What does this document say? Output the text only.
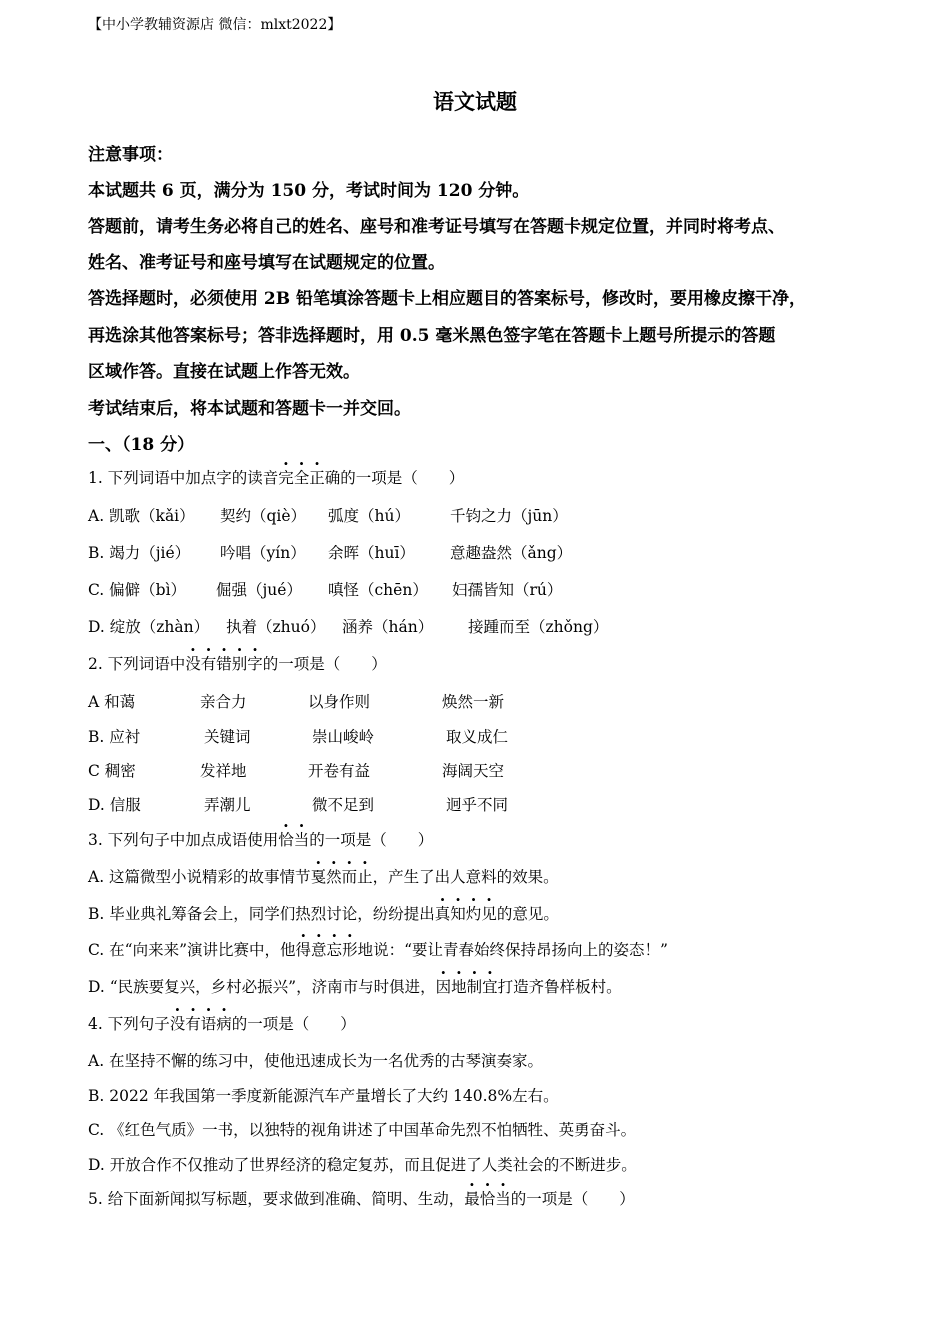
【中小学教辅资源店 微信：mlxt2022】
语文试题
注意事项：
本试题共 6 页，满分为 150 分，考试时间为 120 分钟。
答题前，请考生务必将自己的姓名、座号和准考证号填写在答题卡规定位置，并同时将考点、
姓名、准考证号和座号填写在试题规定的位置。
答选择题时，必须使用 2B 铅笔填涂答题卡上相应题目的答案标号，修改时，要用橡皮擦干净，
再选涂其他答案标号；答非选择题时，用 0.5 毫米黑色签字笔在答题卡上题号所提示的答题
区域作答。直接在试题上作答无效。
考试结束后，将本试题和答题卡一并交回。
一、（18 分）
1. 下列词语中加点字的读音完全正确的一项是（　　）
A. 凯歌（kǎi） 契约（qiè） 弧度（hú）	千钧之力（jūn）
B. 竭力（jié） 吟唱（yín） 余晖（huī） 意趣盎然（ǎng）
C. 偏僻（bì） 倔强（jué） 嗔怪（chēn） 妇孺皆知（rú）
D. 绽放（zhàn） 执着（zhuó） 涵养（hán） 接踵而至（zhǒng）
2. 下列词语中没有错别字的一项是（　　）
A 和蔼	亲合力	以身作则	焕然一新
B. 应衬	关键词	崇山峻岭	取义成仁
C 稠密	发祥地	开卷有益	海阔天空
D. 信服	弄潮儿	微不足到	迥乎不同
3. 下列句子中加点成语使用恰当的一项是（　　）
A. 这篇微型小说精彩的故事情节戛然而止，产生了出人意料的效果。
B. 毕业典礼筹备会上，同学们热烈讨论，纷纷提出真知灼见的意见。
C. 在“向来来”演讲比赛中，他得意忘形地说：“要让青春始终保持昂扬向上的姿态！”
D. “民族要复兴，乡村必振兴”，济南市与时俱进，因地制宜打造齐鲁样板村。
4. 下列句子没有语病的一项是（　　）
A. 在坚持不懈的练习中，使他迅速成长为一名优秀的古琴演奏家。
B. 2022 年我国第一季度新能源汽车产量增长了大约 140.8%左右。
C. 《红色气质》一书，以独特的视角讲述了中国革命先烈不怕牺牲、英勇奋斗。
D. 开放合作不仅推动了世界经济的稳定复苏，而且促进了人类社会的不断进步。
5. 给下面新闻拟写标题，要求做到准确、简明、生动，最恰当的一项是（　　）
